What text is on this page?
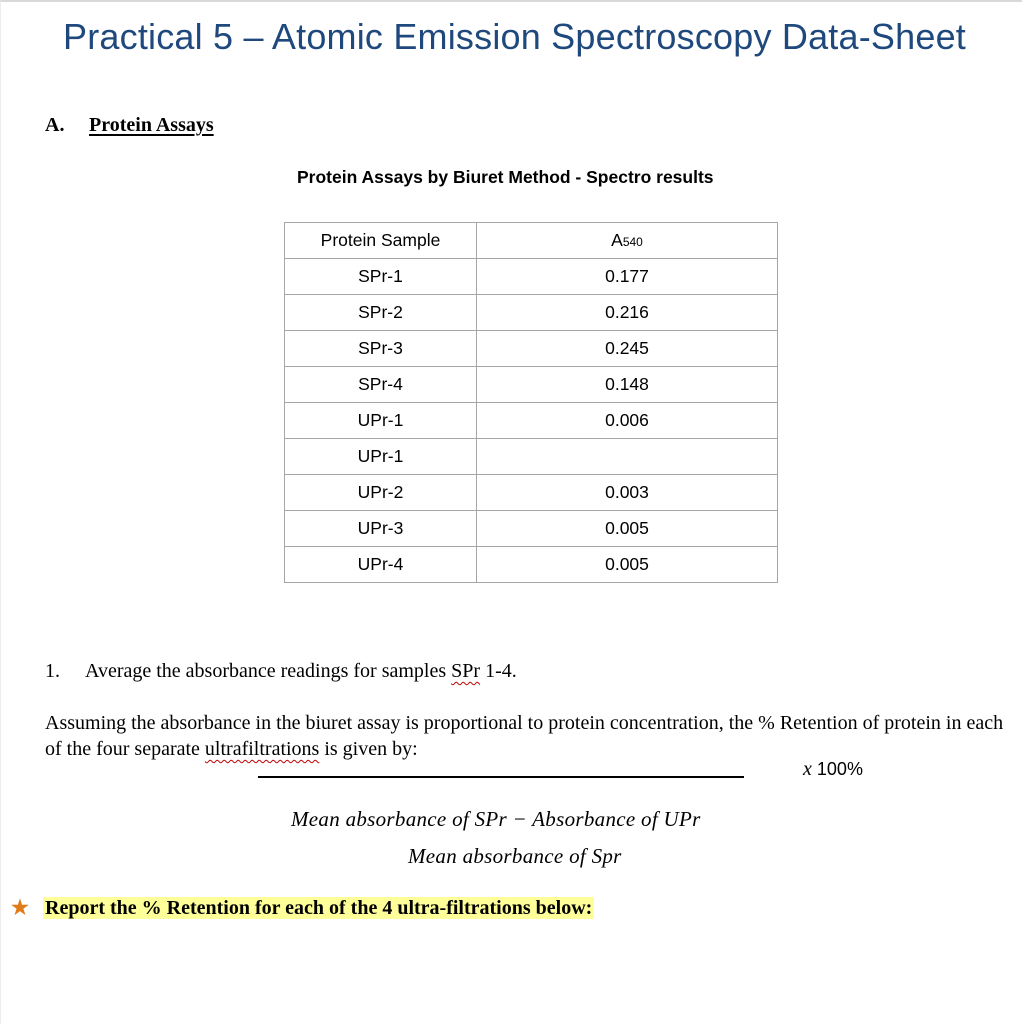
Practical 5 – Atomic Emission Spectroscopy Data-Sheet
A. Protein Assays
Protein Assays by Biuret Method - Spectro results
Protein Sample	A540
SPr-1	0.177
SPr-2	0.216
SPr-3	0.245
SPr-4	0.148
UPr-1	0.006
UPr-1	
UPr-2	0.003
UPr-3	0.005
UPr-4	0.005
1. Average the absorbance readings for samples SPr 1-4.
Assuming the absorbance in the biuret assay is proportional to protein concentration, the % Retention of protein in each of the four separate ultrafiltrations is given by:
x 100%
Mean absorbance of SPr − Absorbance of UPr
Mean absorbance of Spr
★ Report the % Retention for each of the 4 ultra-filtrations below:
